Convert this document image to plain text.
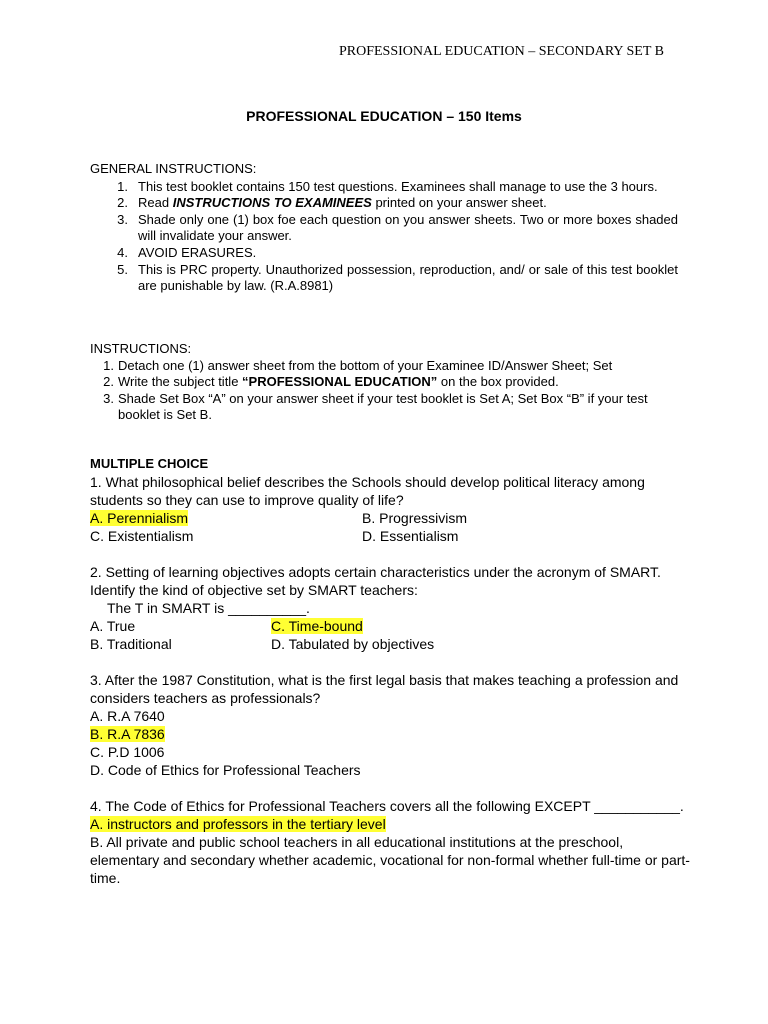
PROFESSIONAL EDUCATION – SECONDARY SET B
PROFESSIONAL EDUCATION – 150 Items
GENERAL INSTRUCTIONS:
1. This test booklet contains 150 test questions. Examinees shall manage to use the 3 hours.
2. Read INSTRUCTIONS TO EXAMINEES printed on your answer sheet.
3. Shade only one (1) box foe each question on you answer sheets. Two or more boxes shaded will invalidate your answer.
4. AVOID ERASURES.
5. This is PRC property. Unauthorized possession, reproduction, and/ or sale of this test booklet are punishable by law. (R.A.8981)
INSTRUCTIONS:
1. Detach one (1) answer sheet from the bottom of your Examinee ID/Answer Sheet; Set
2. Write the subject title “PROFESSIONAL EDUCATION” on the box provided.
3. Shade Set Box “A” on your answer sheet if your test booklet is Set A; Set Box “B” if your test booklet is Set B.
MULTIPLE CHOICE
1. What philosophical belief describes the Schools should develop political literacy among students so they can use to improve quality of life?
A. Perennialism	B. Progressivism
C. Existentialism	D. Essentialism
2. Setting of learning objectives adopts certain characteristics under the acronym of SMART. Identify the kind of objective set by SMART teachers:
The T in SMART is __________.
A. True	C. Time-bound
B. Traditional	D. Tabulated by objectives
3. After the 1987 Constitution, what is the first legal basis that makes teaching a profession and considers teachers as professionals?
A. R.A 7640
B. R.A 7836
C. P.D 1006
D. Code of Ethics for Professional Teachers
4. The Code of Ethics for Professional Teachers covers all the following EXCEPT ___________.
A. instructors and professors in the tertiary level
B. All private and public school teachers in all educational institutions at the preschool, elementary and secondary whether academic, vocational for non-formal whether full-time or part-time.
